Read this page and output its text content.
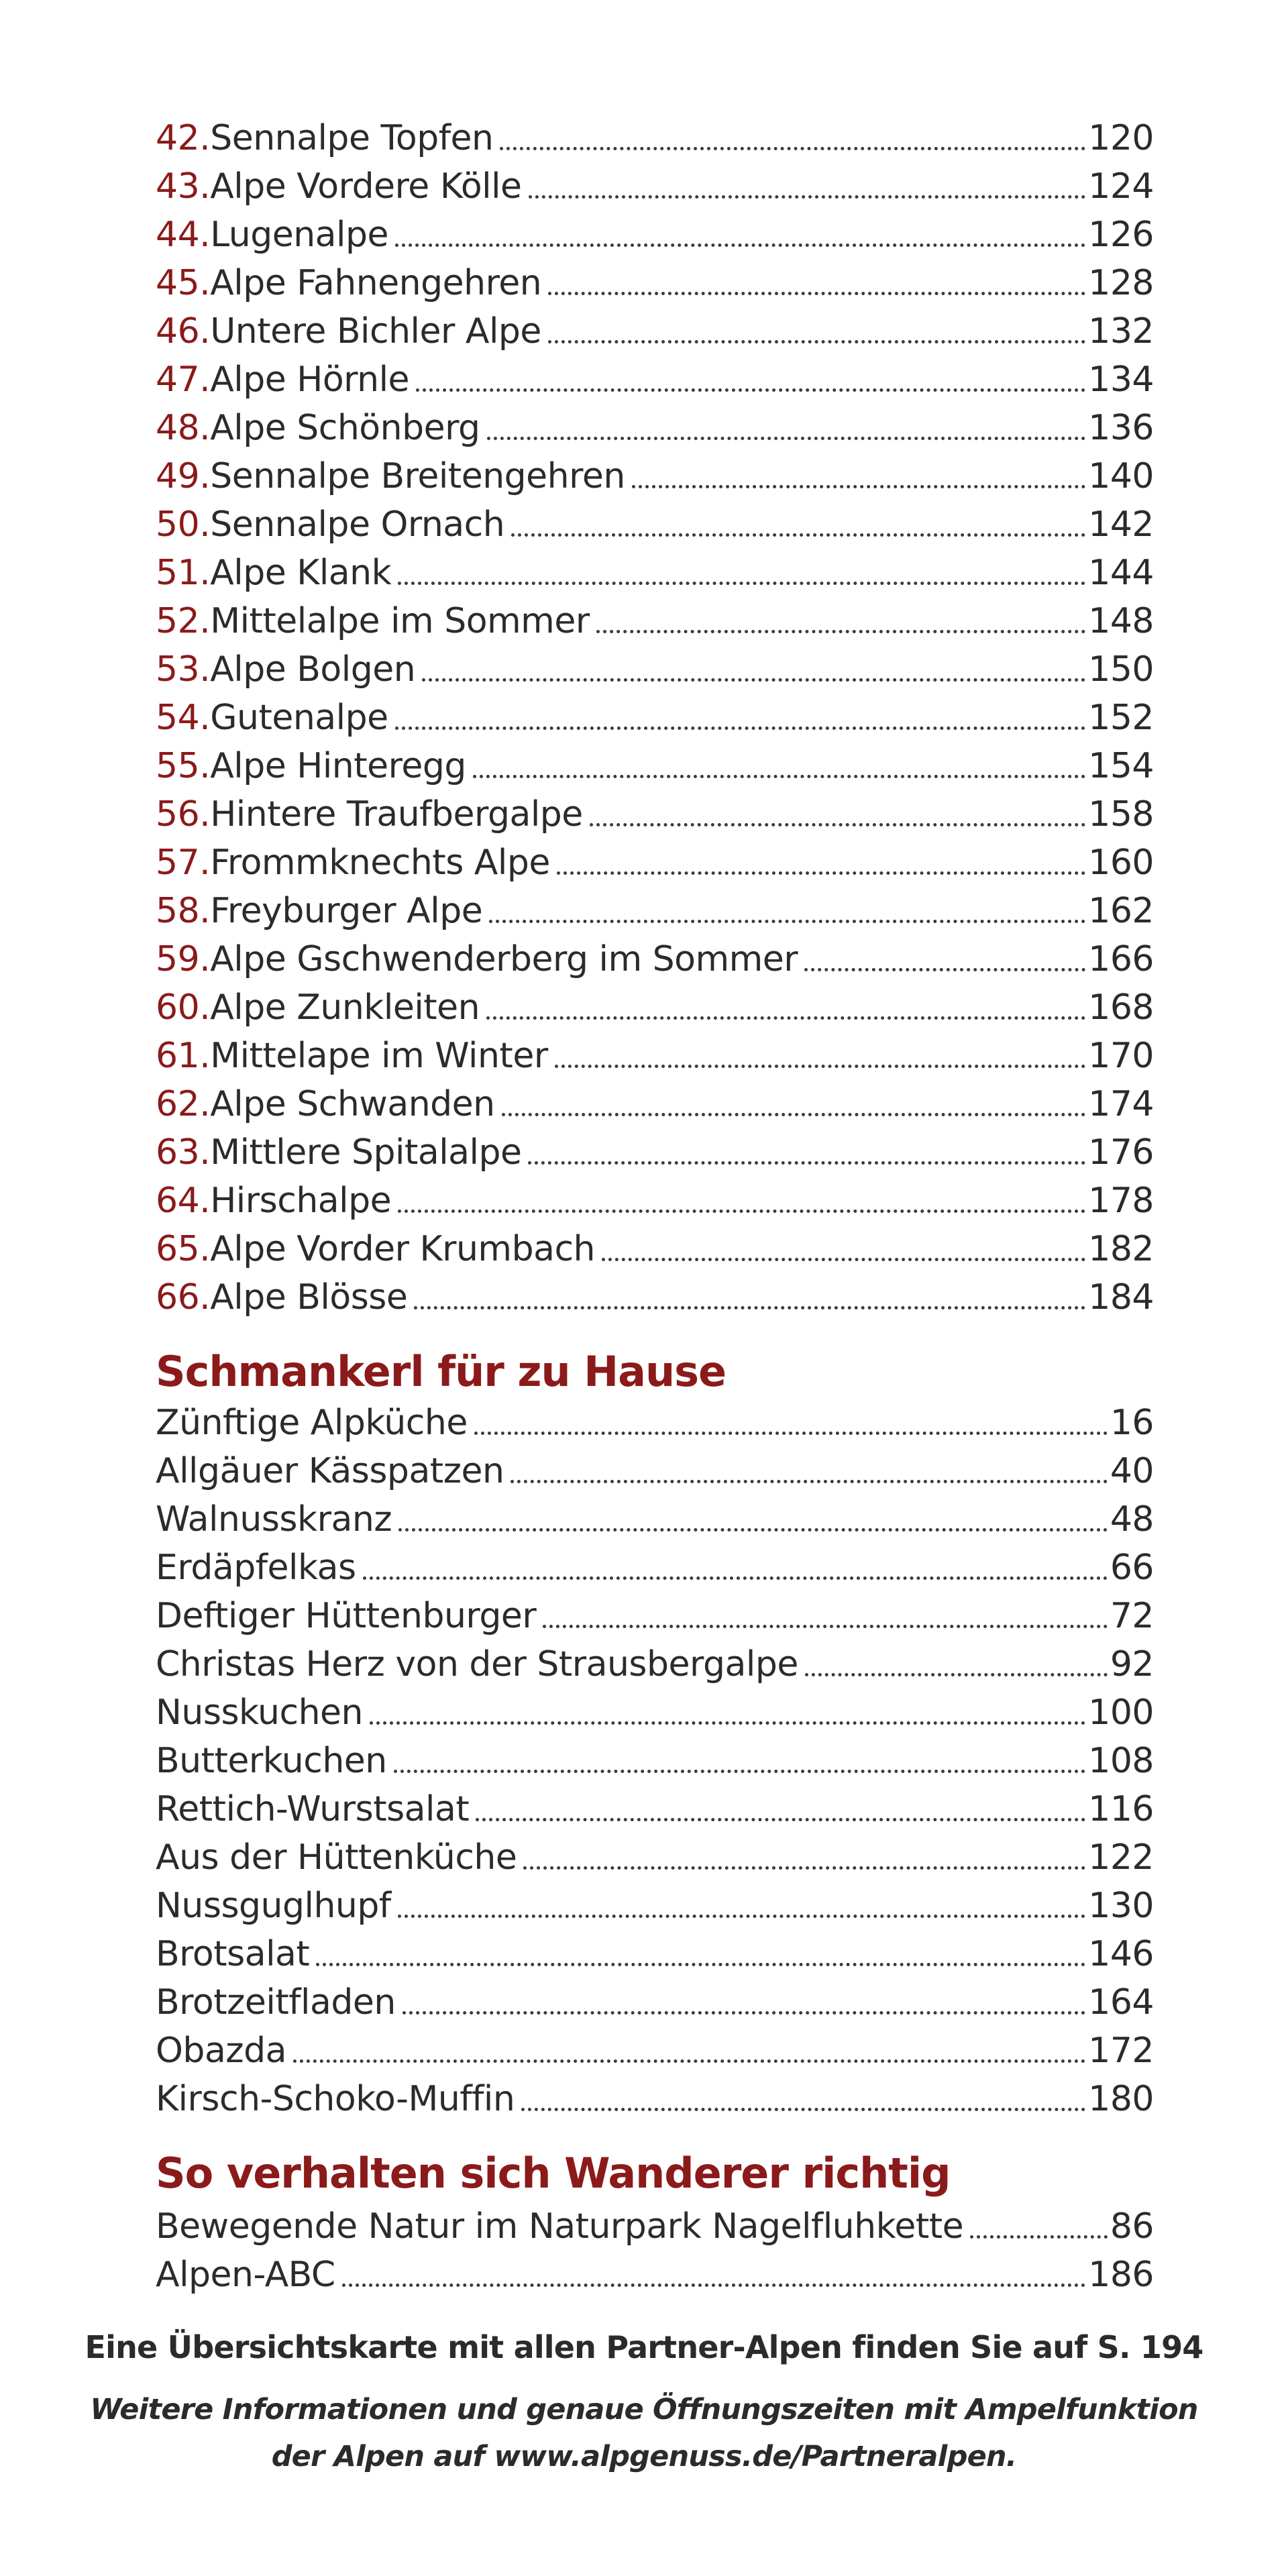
42. Sennalpe Topfen	120
43. Alpe Vordere Kölle	124
44. Lugenalpe	126
45. Alpe Fahnengehren	128
46. Untere Bichler Alpe	132
47. Alpe Hörnle	134
48. Alpe Schönberg	136
49. Sennalpe Breitengehren	140
50. Sennalpe Ornach	142
51. Alpe Klank	144
52. Mittelalpe im Sommer	148
53. Alpe Bolgen	150
54. Gutenalpe	152
55. Alpe Hinteregg	154
56. Hintere Traufbergalpe	158
57. Frommknechts Alpe	160
58. Freyburger Alpe	162
59. Alpe Gschwenderberg im Sommer	166
60. Alpe Zunkleiten	168
61. Mittelape im Winter	170
62. Alpe Schwanden	174
63. Mittlere Spitalalpe	176
64. Hirschalpe	178
65. Alpe Vorder Krumbach	182
66. Alpe Blösse	184
Schmankerl für zu Hause
Zünftige Alpküche	16
Allgäuer Kässpatzen	40
Walnusskranz	48
Erdäpfelkas	66
Deftiger Hüttenburger	72
Christas Herz von der Strausbergalpe	92
Nusskuchen	100
Butterkuchen	108
Rettich-Wurstsalat	116
Aus der Hüttenküche	122
Nussguglhupf	130
Brotsalat	146
Brotzeitfladen	164
Obazda	172
Kirsch-Schoko-Muffin	180
So verhalten sich Wanderer richtig
Bewegende Natur im Naturpark Nagelfluhkette	86
Alpen-ABC	186
Eine Übersichtskarte mit allen Partner-Alpen finden Sie auf S. 194
Weitere Informationen und genaue Öffnungszeiten mit Ampelfunktion
der Alpen auf www.alpgenuss.de/Partneralpen.
